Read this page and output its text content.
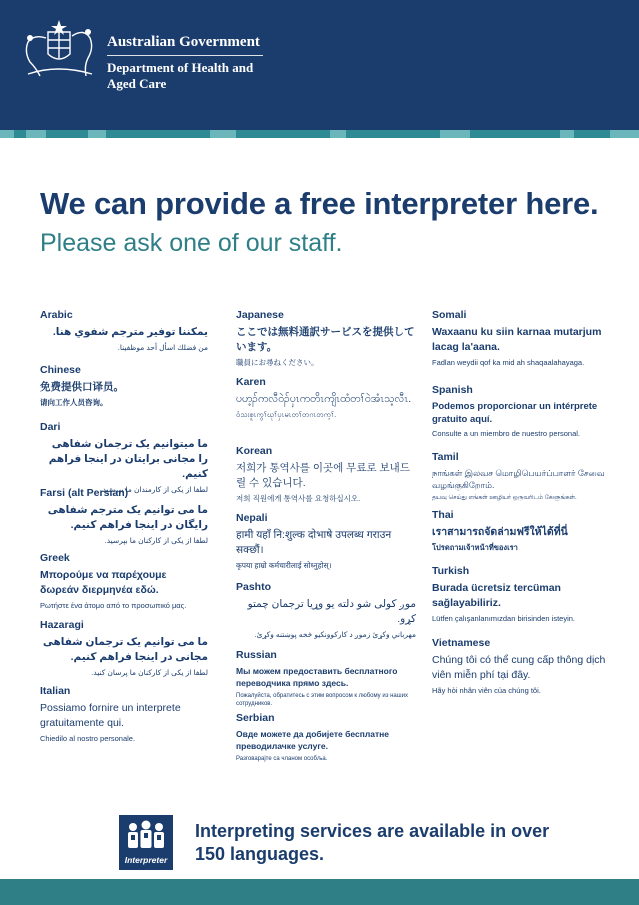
Australian Government
Department of Health and Aged Care
We can provide a free interpreter here.
Please ask one of our staff.
Arabic
يمكننا توفير مترجم شفوي هنا.
من فضلك اسأل أحد موظفينا.
Chinese
免费提供口译员。
请向工作人员咨询。
Dari
ما میتوانیم یک ترجمان شفاهی را مجانی برایتان در اینجا فراهم کنیم.
لطفا از یکی از کارمندان ما بپرسید.
Farsi (alt Persian)
ما می توانیم یک مترجم شفاهی رایگان در اینجا فراهم کنیم.
لطفا از یکی از کارکنان ما بپرسید.
Greek
Μπορούμε να παρέχουμε δωρεάν διερμηνέα εδώ.
Ρωτήστε ένα άτομο από το προσωπικό μας.
Hazaragi
ما می توانیم یک ترجمان شفاهی مجانی در اینجا فراهم کنیم.
لطفا از یکی از کارکنان ما پرسان کنید.
Italian
Possiamo fornire un interprete gratuitamente qui.
Chiedilo al nostro personale.
Japanese
ここでは無料通訳サービスを提供しています。
職員にお尋ねください。
Karen
ပဟ့ၣ်ကလီဝဲၣ်ပှၤကတိၤကျိၤထံတၢ်ဝဲအံၤသ့လီၤ.
ဝံသးစူၤကွၢ်ဃုၢ်ပှၤမၤတၢ်တဂၤတက့ၢ်.
Korean
저희가 통역사를 이곳에 무료로 보내드릴 수 있습니다.
저희 직원에게 통역사를 요청하십시오.
Nepali
हामी यहाँ नि:शुल्क दोभाषे उपलब्ध गराउन सक्छौं।
कृपया हाम्रो कर्मचारीलाई सोध्नुहोस्।
Pashto
موږ کولی شو دلته یو وړیا ترجمان چمتو کړو.
مهرباني وکړئ زموږ د کارکوونکیو څخه پوښتنه وکړئ.
Russian
Мы можем предоставить бесплатного переводчика прямо здесь.
Пожалуйста, обратитесь с этим вопросом к любому из наших сотрудников.
Serbian
Овде можете да добијете бесплатне преводилачке услуге.
Разговарајте са чланом особља.
Somali
Waxaanu ku siin karnaa mutarjum lacag la'aana.
Fadlan weydii qof ka mid ah shaqaalahayaga.
Spanish
Podemos proporcionar un intérprete gratuito aquí.
Consulte a un miembro de nuestro personal.
Tamil
நாங்கள் இலவச மொழிபெயர்ப்பாளர் சேவை வழங்குகிறோம்.
தயவு செய்து எங்கள் ஊழியர் ஒருவரிடம் கேளுங்கள்.
Thai
เราสามารถจัดล่ามฟรีให้ได้ที่นี่
โปรดถามเจ้าหน้าที่ของเรา
Turkish
Burada ücretsiz tercüman sağlayabiliriz.
Lütfen çalışanlanımızdan birisinden isteyin.
Vietnamese
Chúng tôi có thể cung cấp thông dịch viên miễn phí tại đây.
Hãy hỏi nhân viên của chúng tôi.
Interpreter
Interpreting services are available in over 150 languages.
